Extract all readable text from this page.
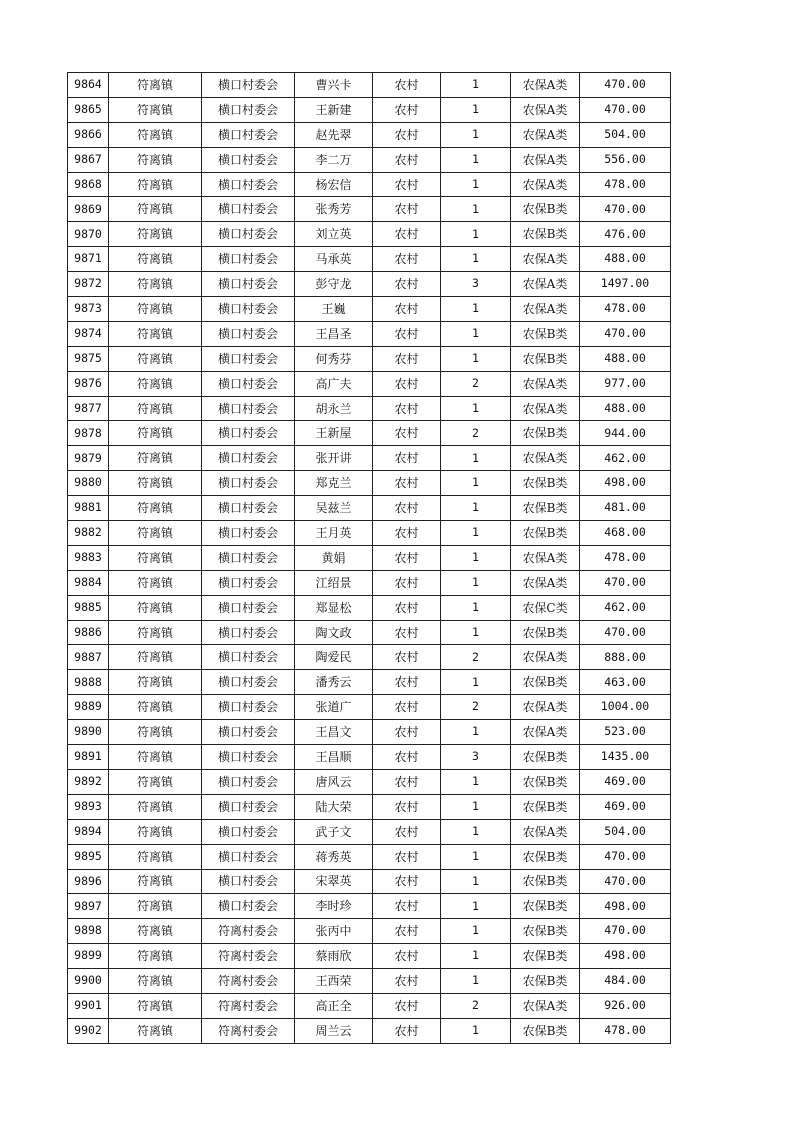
9864	符离镇	横口村委会	曹兴卡	农村	1	农保A类	470.00
9865	符离镇	横口村委会	王新建	农村	1	农保A类	470.00
9866	符离镇	横口村委会	赵先翠	农村	1	农保A类	504.00
9867	符离镇	横口村委会	李二万	农村	1	农保A类	556.00
9868	符离镇	横口村委会	杨宏信	农村	1	农保A类	478.00
9869	符离镇	横口村委会	张秀芳	农村	1	农保B类	470.00
9870	符离镇	横口村委会	刘立英	农村	1	农保B类	476.00
9871	符离镇	横口村委会	马承英	农村	1	农保A类	488.00
9872	符离镇	横口村委会	彭守龙	农村	3	农保A类	1497.00
9873	符离镇	横口村委会	王巍	农村	1	农保A类	478.00
9874	符离镇	横口村委会	王昌圣	农村	1	农保B类	470.00
9875	符离镇	横口村委会	何秀芬	农村	1	农保B类	488.00
9876	符离镇	横口村委会	高广夫	农村	2	农保A类	977.00
9877	符离镇	横口村委会	胡永兰	农村	1	农保A类	488.00
9878	符离镇	横口村委会	王新屋	农村	2	农保B类	944.00
9879	符离镇	横口村委会	张开讲	农村	1	农保A类	462.00
9880	符离镇	横口村委会	郑克兰	农村	1	农保B类	498.00
9881	符离镇	横口村委会	吴兹兰	农村	1	农保B类	481.00
9882	符离镇	横口村委会	王月英	农村	1	农保B类	468.00
9883	符离镇	横口村委会	黄娟	农村	1	农保A类	478.00
9884	符离镇	横口村委会	江绍景	农村	1	农保A类	470.00
9885	符离镇	横口村委会	郑显松	农村	1	农保C类	462.00
9886	符离镇	横口村委会	陶文政	农村	1	农保B类	470.00
9887	符离镇	横口村委会	陶爱民	农村	2	农保A类	888.00
9888	符离镇	横口村委会	潘秀云	农村	1	农保B类	463.00
9889	符离镇	横口村委会	张道广	农村	2	农保A类	1004.00
9890	符离镇	横口村委会	王昌文	农村	1	农保A类	523.00
9891	符离镇	横口村委会	王昌顺	农村	3	农保B类	1435.00
9892	符离镇	横口村委会	唐风云	农村	1	农保B类	469.00
9893	符离镇	横口村委会	陆大荣	农村	1	农保B类	469.00
9894	符离镇	横口村委会	武子文	农村	1	农保A类	504.00
9895	符离镇	横口村委会	蒋秀英	农村	1	农保B类	470.00
9896	符离镇	横口村委会	宋翠英	农村	1	农保B类	470.00
9897	符离镇	横口村委会	李时珍	农村	1	农保B类	498.00
9898	符离镇	符离村委会	张丙中	农村	1	农保B类	470.00
9899	符离镇	符离村委会	蔡雨欣	农村	1	农保B类	498.00
9900	符离镇	符离村委会	王西荣	农村	1	农保B类	484.00
9901	符离镇	符离村委会	高正全	农村	2	农保A类	926.00
9902	符离镇	符离村委会	周兰云	农村	1	农保B类	478.00
